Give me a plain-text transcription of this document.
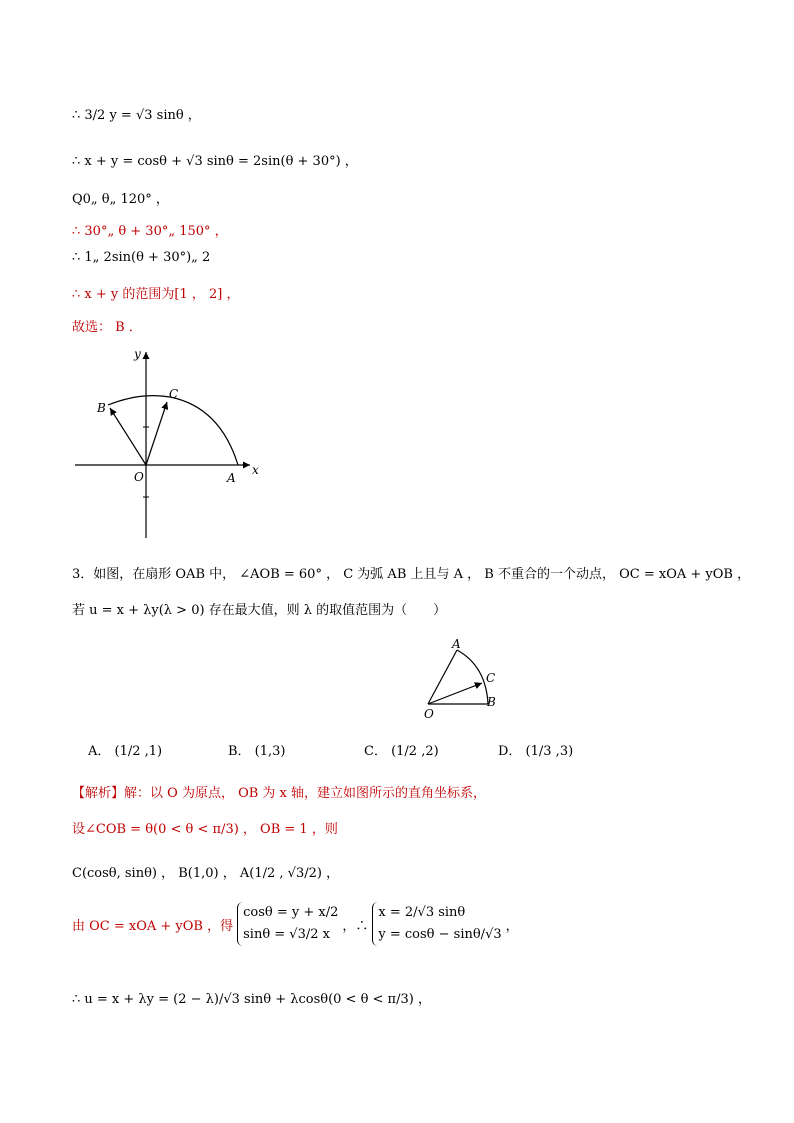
∴ 3/2 y = √3 sinθ ，
∴ x + y = cosθ + √3 sinθ = 2sin(θ + 30°) ，
Q0„ θ„ 120° ，
∴ 30°„ θ + 30°„ 150° ，
∴ 1„ 2sin(θ + 30°)„ 2
∴ x + y 的范围为[1 ， 2] ，
故选： B ．
y
x
O	A
B
C
3．如图，在扇形 OAB 中， ∠AOB = 60° ， C 为弧 AB 上且与 A ， B 不重合的一个动点， OC = xOA + yOB ，
若 u = x + λy(λ > 0) 存在最大值，则 λ 的取值范围为（　　）
A
C
B
O
A． (1/2 ,1)	B． (1,3)	C． (1/2 ,2)	D． (1/3 ,3)
【解析】解：以 O 为原点， OB 为 x 轴，建立如图所示的直角坐标系，
设∠COB = θ(0 < θ < π/3) ， OB = 1 ，则
C(cosθ, sinθ) ， B(1,0) ， A(1/2 , √3/2) ，
由 OC = xOA + yOB ，得
cosθ = y + x/2
sinθ = √3/2 x
，∴
x = 2/√3 sinθ
y = cosθ − sinθ/√3
，
∴ u = x + λy = (2 − λ)/√3 sinθ + λcosθ(0 < θ < π/3) ，
